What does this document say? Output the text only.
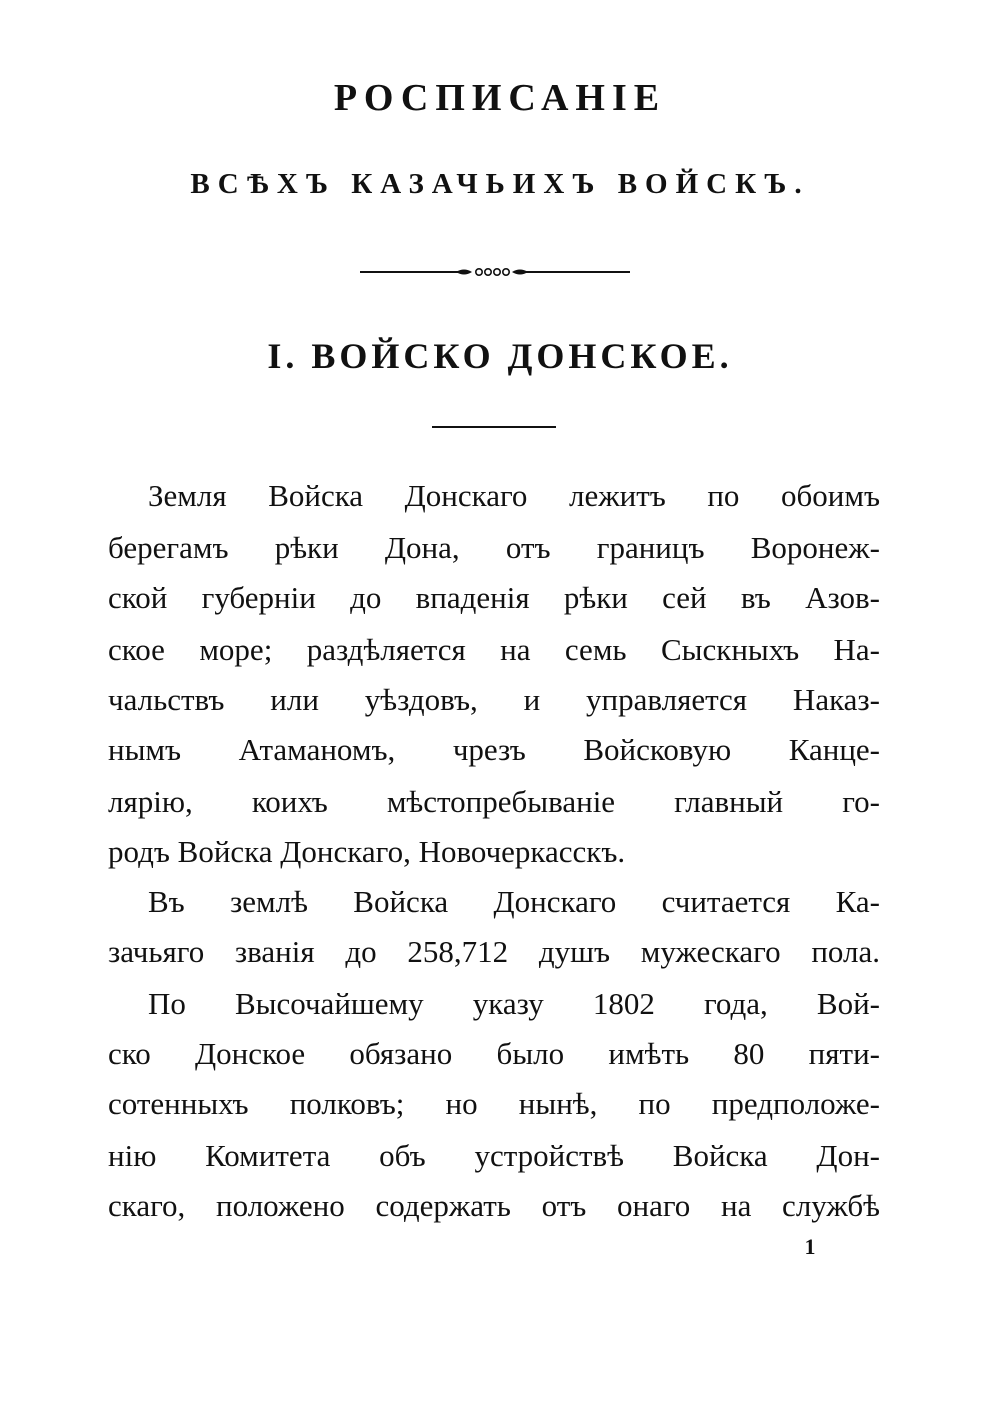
РОСПИСАНІЕ
ВСѢХЪ КАЗАЧЬИХЪ ВОЙСКЪ.
I. ВОЙСКО ДОНСКОЕ.
Земля Войска Донскаго лежитъ по обоимъ
берегамъ рѣки Дона, отъ границъ Воронеж-
ской губерніи до впаденія рѣки сей въ Азов-
ское море; раздѣляется на семь Сыскныхъ На-
чальствъ или уѣздовъ, и управляется Наказ-
нымъ Атаманомъ, чрезъ Войсковую Канце-
лярію, коихъ мѣстопребываніе главный го-
родъ Войска Донскаго, Новочеркасскъ.
Въ землѣ Войска Донскаго считается Ка-
зачьяго званія до 258,712 душъ мужескаго пола.
По Высочайшему указу 1802 года, Вой-
ско Донское обязано было имѣть 80 пяти-
сотенныхъ полковъ; но нынѣ, по предположе-
нію Комитета объ устройствѣ Войска Дон-
скаго, положено содержать отъ онаго на службѣ
1
